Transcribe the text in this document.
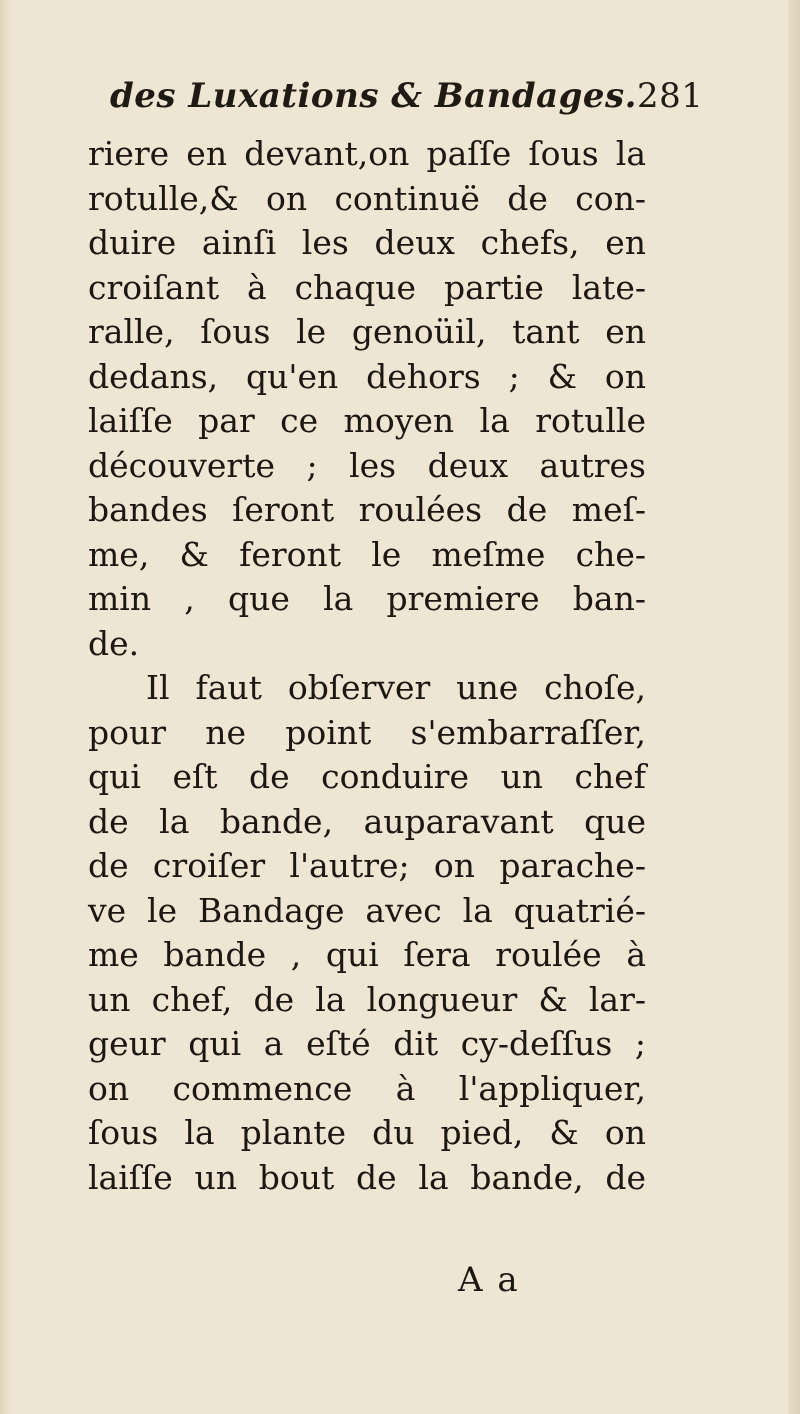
des Luxations & Bandages.281
riere en devant,on paſſe ſous la
rotulle,& on continuë de con-
duire ainſi les deux chefs, en
croiſant à chaque partie late-
ralle, ſous le genoüil, tant en
dedans, qu'en dehors ; & on
laiſſe par ce moyen la rotulle
découverte ; les deux autres
bandes ſeront roulées de meſ-
me, & feront le meſme che-
min , que la premiere ban-
de.
Il faut obſerver une choſe,
pour ne point s'embarraſſer,
qui eſt de conduire un chef
de la bande, auparavant que
de croiſer l'autre; on parache-
ve le Bandage avec la quatrié-
me bande , qui ſera roulée à
un chef, de la longueur & lar-
geur qui a eſté dit cy-deſſus ;
on commence à l'appliquer,
ſous la plante du pied, & on
laiſſe un bout de la bande, de
A a
